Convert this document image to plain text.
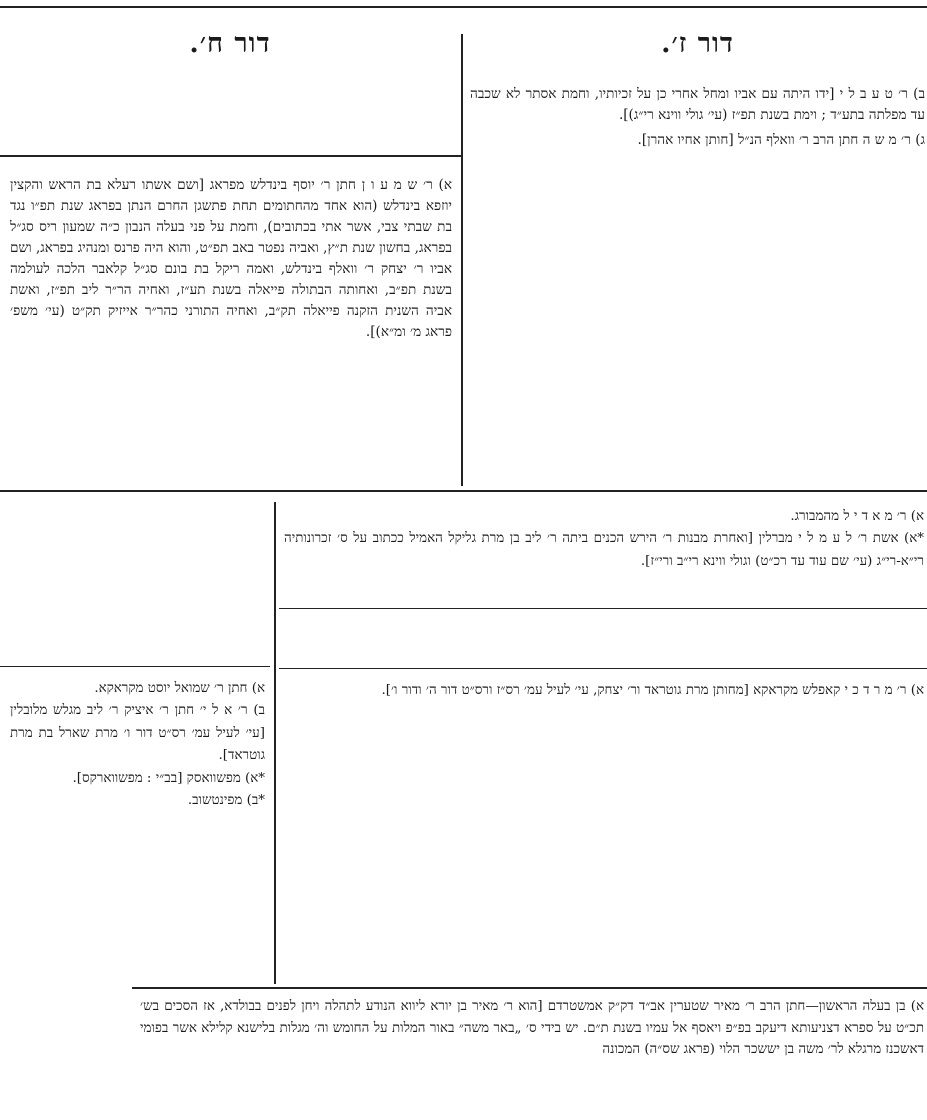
דור ז׳.

ב) ר׳ ט ע ב ל י [ידו היתה עם אביו ומחל אחרי כן על זכיותיו, וחמת אסתר לא שכבה עד מפלתה בתע״ד ; וימת בשנת תפ״ז (עי׳ גולי ווינא רי״ג)].

ג) ר׳ מ ש ה חתן הרב ר׳ וואלף הנ״ל [חותן אחיו אהרן].

דור ח׳.

א) ר׳ ש מ ע ו ן חתן ר׳ יוסף בינדלש מפראג [ושם אשתו רעלא בת הראש והקצין יוזפא בינדלש (הוא אחד מהחתומים תחת פתשגן החרם הנתן בפראג שנת תפ״ו נגד בת שבתי צבי, אשר אתי בכתובים), וחמת על פני בעלה הנבון כ״ה שמעון ריס סג״ל בפראג, בחשון שנת ת״ץ, ואביה נפטר באב תפ״ט, והוא היה פרנס ומנהיג בפראג, ושם אביו ר׳ יצחק ר׳ וואלף בינדלש, ואמה ריקל בת בונם סג״ל קלאבר הלכה לעולמה בשנת תפ״ב, ואחותה הבתולה פייאלה בשנת תע״ז, ואחיה הר״ר ליב תפ״ז, ואשת אביה השנית הזקנה פייאלה תק״ב, ואחיה התורני כהר״ר אייזיק תק״ט (עי׳ משפ׳ פראג מ׳ ומ״א)].

א) ר׳ מ א ד י ל מהמבורג.

*א) אשת ר׳ ל ע מ ל י מברלין [ואחרת מבנות ר׳ הירש הכנים ביתה ר׳ ליב בן מרת גליקל האמיל ככתוב על ס׳ זכרונותיה רי״א-רי״ג (עי׳ שם עוד עד רכ״ט) וגולי ווינא רי״ב ורי״ז].

א) ר׳ מ ר ד כ י קאפלש מקראקא [מחותן מרת גוטראד ור׳ יצחק, עי׳ לעיל עמ׳ רס״ז ורס״ט דור ה׳ ודור ו׳].

א) חתן ר׳ שמואל יוסט מקראקא.

ב) ר׳ א ל י׳ חתן ר׳ איציק ר׳ ליב מגלש מלובלין [עי׳ לעיל עמ׳ רס״ט דור ו׳ מרת שארל בת מרת גוטראד].

*א) מפשוואסק [בב״י : מפשווארקס].

*ב) מפינטשוב.

א) בן בעלה הראשון—חתן הרב ר׳ מאיר שטערין אב״ד דק״ק אמשטרדם [הוא ר׳ מאיר בן יורא ליווא הנודע לתהלה ויחן לפנים בבולדא, אז הסכים בש׳ תכ״ט על ספרא דצניעותא דיעקב בפ״פ ויאסף אל עמיו בשנת ת״ם. יש בידי ס׳ „באר משה״ באור המלות על החומש וה׳ מגלות בלישנא קלילא אשר בפומי דאשכנז מרגלא לר׳ משה בן יששכר הלוי (פראג שס״ה) המכונה
